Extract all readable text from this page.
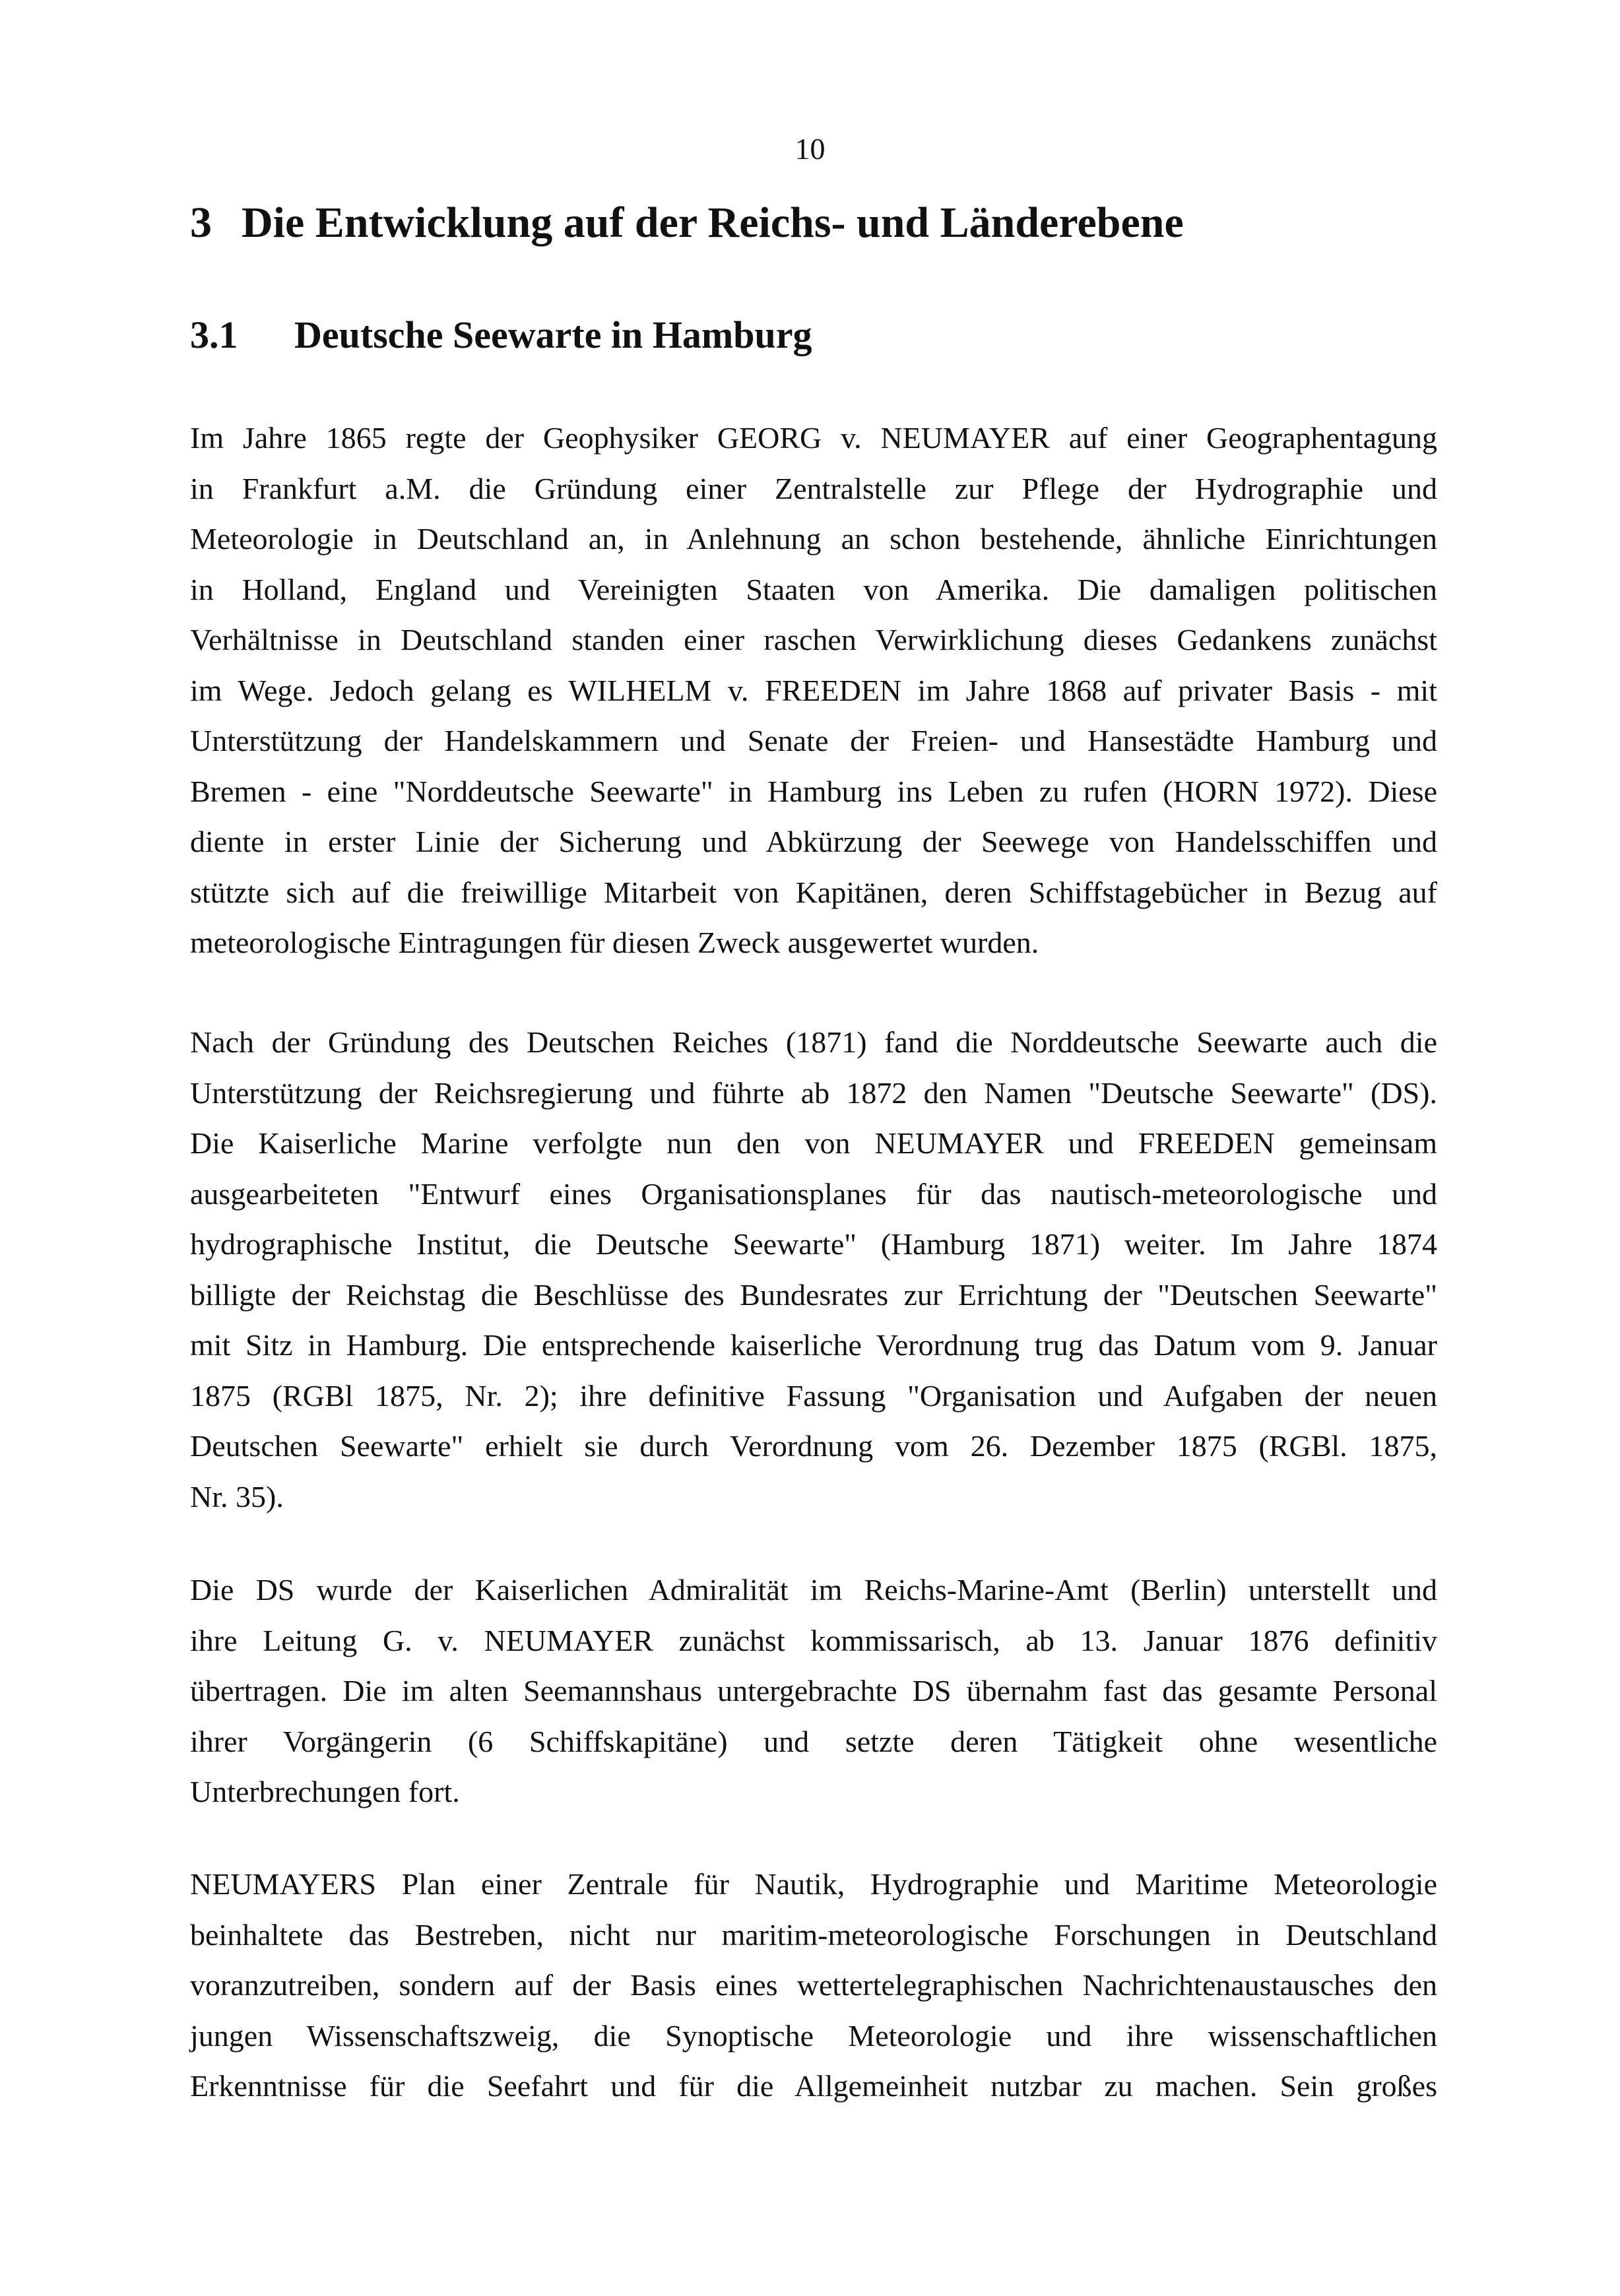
10
3 Die Entwicklung auf der Reichs- und Länderebene
3.1 Deutsche Seewarte in Hamburg
Im Jahre 1865 regte der Geophysiker GEORG v. NEUMAYER auf einer Geographentagung
in Frankfurt a.M. die Gründung einer Zentralstelle zur Pflege der Hydrographie und
Meteorologie in Deutschland an, in Anlehnung an schon bestehende, ähnliche Einrichtungen
in Holland, England und Vereinigten Staaten von Amerika. Die damaligen politischen
Verhältnisse in Deutschland standen einer raschen Verwirklichung dieses Gedankens zunächst
im Wege. Jedoch gelang es WILHELM v. FREEDEN im Jahre 1868 auf privater Basis - mit
Unterstützung der Handelskammern und Senate der Freien- und Hansestädte Hamburg und
Bremen - eine "Norddeutsche Seewarte" in Hamburg ins Leben zu rufen (HORN 1972). Diese
diente in erster Linie der Sicherung und Abkürzung der Seewege von Handelsschiffen und
stützte sich auf die freiwillige Mitarbeit von Kapitänen, deren Schiffstagebücher in Bezug auf
meteorologische Eintragungen für diesen Zweck ausgewertet wurden.
Nach der Gründung des Deutschen Reiches (1871) fand die Norddeutsche Seewarte auch die
Unterstützung der Reichsregierung und führte ab 1872 den Namen "Deutsche Seewarte" (DS).
Die Kaiserliche Marine verfolgte nun den von NEUMAYER und FREEDEN gemeinsam
ausgearbeiteten "Entwurf eines Organisationsplanes für das nautisch-meteorologische und
hydrographische Institut, die Deutsche Seewarte" (Hamburg 1871) weiter. Im Jahre 1874
billigte der Reichstag die Beschlüsse des Bundesrates zur Errichtung der "Deutschen Seewarte"
mit Sitz in Hamburg. Die entsprechende kaiserliche Verordnung trug das Datum vom 9. Januar
1875 (RGBl 1875, Nr. 2); ihre definitive Fassung "Organisation und Aufgaben der neuen
Deutschen Seewarte" erhielt sie durch Verordnung vom 26. Dezember 1875 (RGBl. 1875,
Nr. 35).
Die DS wurde der Kaiserlichen Admiralität im Reichs-Marine-Amt (Berlin) unterstellt und
ihre Leitung G. v. NEUMAYER zunächst kommissarisch, ab 13. Januar 1876 definitiv
übertragen. Die im alten Seemannshaus untergebrachte DS übernahm fast das gesamte Personal
ihrer Vorgängerin (6 Schiffskapitäne) und setzte deren Tätigkeit ohne wesentliche
Unterbrechungen fort.
NEUMAYERS Plan einer Zentrale für Nautik, Hydrographie und Maritime Meteorologie
beinhaltete das Bestreben, nicht nur maritim-meteorologische Forschungen in Deutschland
voranzutreiben, sondern auf der Basis eines wettertelegraphischen Nachrichtenaustausches den
jungen Wissenschaftszweig, die Synoptische Meteorologie und ihre wissenschaftlichen
Erkenntnisse für die Seefahrt und für die Allgemeinheit nutzbar zu machen. Sein großes
